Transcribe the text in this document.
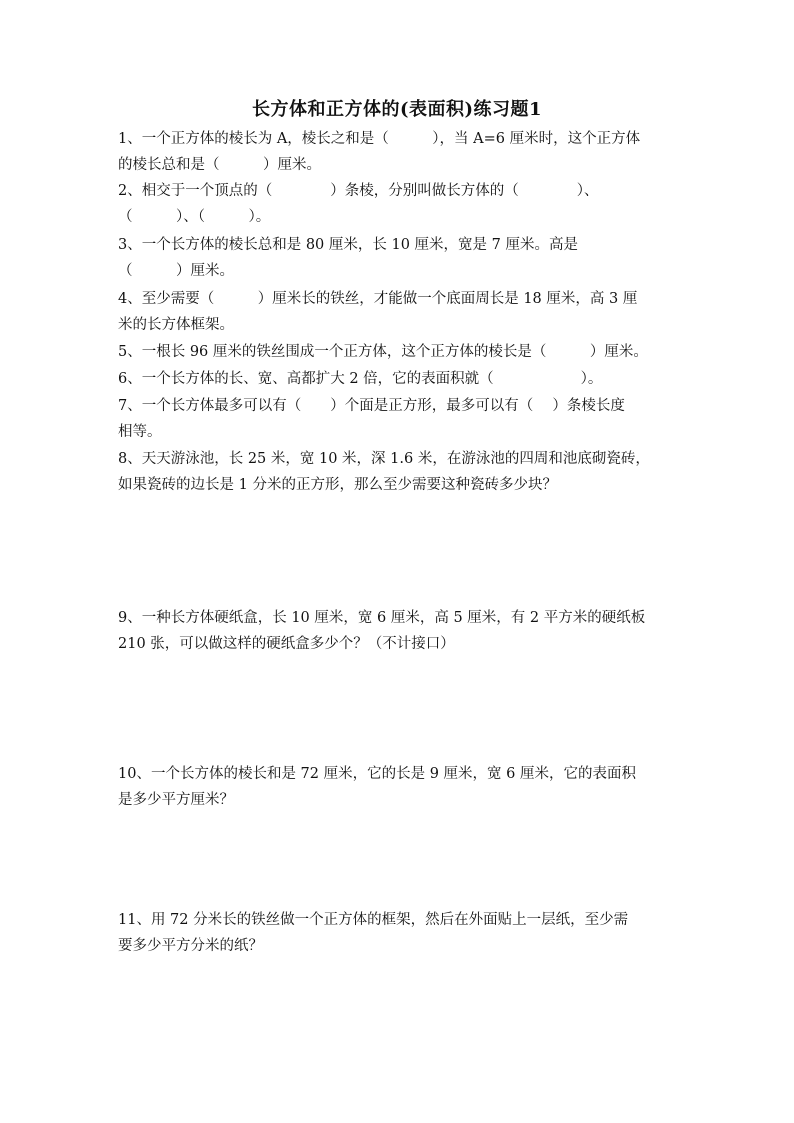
长方体和正方体的(表面积)练习题1
1、一个正方体的棱长为 A，棱长之和是（　　　），当 A=6 厘米时，这个正方体
的棱长总和是（　　　）厘米。
2、相交于一个顶点的（　　　　）条棱，分别叫做长方体的（　　　　）、
（　　　）、（　　　）。
3、一个长方体的棱长总和是 80 厘米，长 10 厘米，宽是 7 厘米。高是
（　　　）厘米。
4、至少需要（　　　）厘米长的铁丝，才能做一个底面周长是 18 厘米，高 3 厘
米的长方体框架。
5、一根长 96 厘米的铁丝围成一个正方体，这个正方体的棱长是（　　　）厘米。
6、一个长方体的长、宽、高都扩大 2 倍，它的表面积就（　　　　　　）。
7、一个长方体最多可以有（　　）个面是正方形，最多可以有（　 ）条棱长度
相等。
8、天天游泳池，长 25 米，宽 10 米，深 1.6 米，在游泳池的四周和池底砌瓷砖，
如果瓷砖的边长是 1 分米的正方形，那么至少需要这种瓷砖多少块？
9、一种长方体硬纸盒，长 10 厘米，宽 6 厘米，高 5 厘米，有 2 平方米的硬纸板
210 张，可以做这样的硬纸盒多少个？（不计接口）
10、一个长方体的棱长和是 72 厘米，它的长是 9 厘米，宽 6 厘米，它的表面积
是多少平方厘米？
11、用 72 分米长的铁丝做一个正方体的框架，然后在外面贴上一层纸，至少需
要多少平方分米的纸？
